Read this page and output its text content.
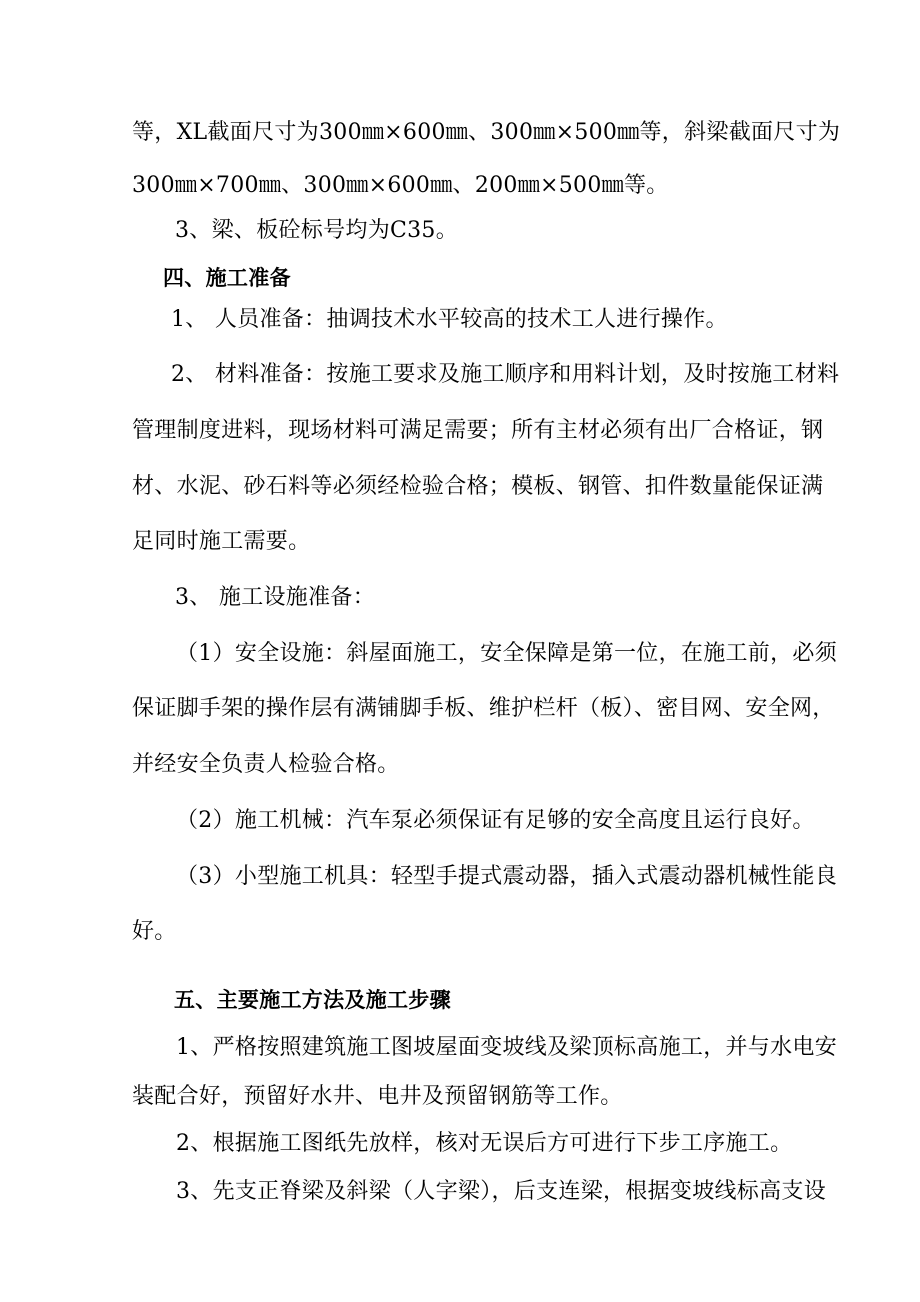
等，XL截面尺寸为300㎜×600㎜、300㎜×500㎜等，斜梁截面尺寸为
300㎜×700㎜、300㎜×600㎜、200㎜×500㎜等。
3、梁、板砼标号均为C35。
四、施工准备
1、 人员准备：抽调技术水平较高的技术工人进行操作。
2、 材料准备：按施工要求及施工顺序和用料计划，及时按施工材料
管理制度进料，现场材料可满足需要；所有主材必须有出厂合格证，钢
材、水泥、砂石料等必须经检验合格；模板、钢管、扣件数量能保证满
足同时施工需要。
3、 施工设施准备：
（1）安全设施：斜屋面施工，安全保障是第一位，在施工前，必须
保证脚手架的操作层有满铺脚手板、维护栏杆（板）、密目网、安全网，
并经安全负责人检验合格。
（2）施工机械：汽车泵必须保证有足够的安全高度且运行良好。
（3）小型施工机具：轻型手提式震动器，插入式震动器机械性能良
好。
五、主要施工方法及施工步骤
1、严格按照建筑施工图坡屋面变坡线及梁顶标高施工，并与水电安
装配合好，预留好水井、电井及预留钢筋等工作。
2、根据施工图纸先放样，核对无误后方可进行下步工序施工。
3、先支正脊梁及斜梁（人字梁），后支连梁，根据变坡线标高支设
